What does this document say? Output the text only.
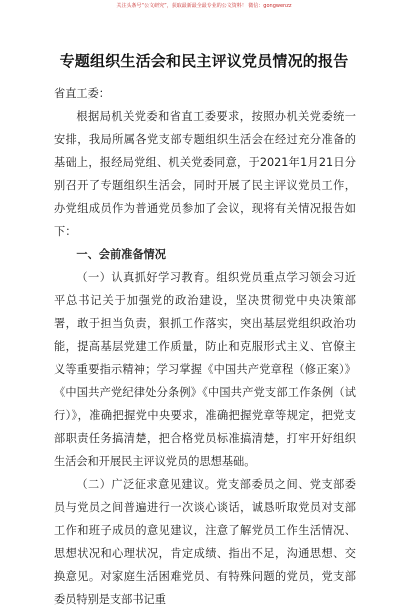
关注头条号“公文研究”，获取最新最全最专业的公文资料！ 微信：gongwenzz
专题组织生活会和民主评议党员情况的报告

省直工委：

根据局机关党委和省直工委要求，按照办机关党委统一安排，我局所属各党支部专题组织生活会在经过充分准备的基础上，报经局党组、机关党委同意，于2021年1月21日分别召开了专题组织生活会，同时开展了民主评议党员工作，办党组成员作为普通党员参加了会议，现将有关情况报告如下：

一、会前准备情况

（一）认真抓好学习教育。组织党员重点学习领会习近平总书记关于加强党的政治建设，坚决贯彻党中央决策部署，敢于担当负责，狠抓工作落实，突出基层党组织政治功能，提高基层党建工作质量，防止和克服形式主义、官僚主义等重要指示精神；学习掌握《中国共产党章程（修正案）》《中国共产党纪律处分条例》《中国共产党支部工作条例（试行）》，准确把握党中央要求，准确把握党章等规定，把党支部职责任务搞清楚，把合格党员标准搞清楚，打牢开好组织生活会和开展民主评议党员的思想基础。

（二）广泛征求意见建议。党支部委员之间、党支部委员与党员之间普遍进行一次谈心谈话，诚恳听取党员对支部工作和班子成员的意见建议，注意了解党员工作生活情况、思想状况和心理状况，肯定成绩、指出不足，沟通思想、交换意见。对家庭生活困难党员、有特殊问题的党员，党支部委员特别是支部书记重
